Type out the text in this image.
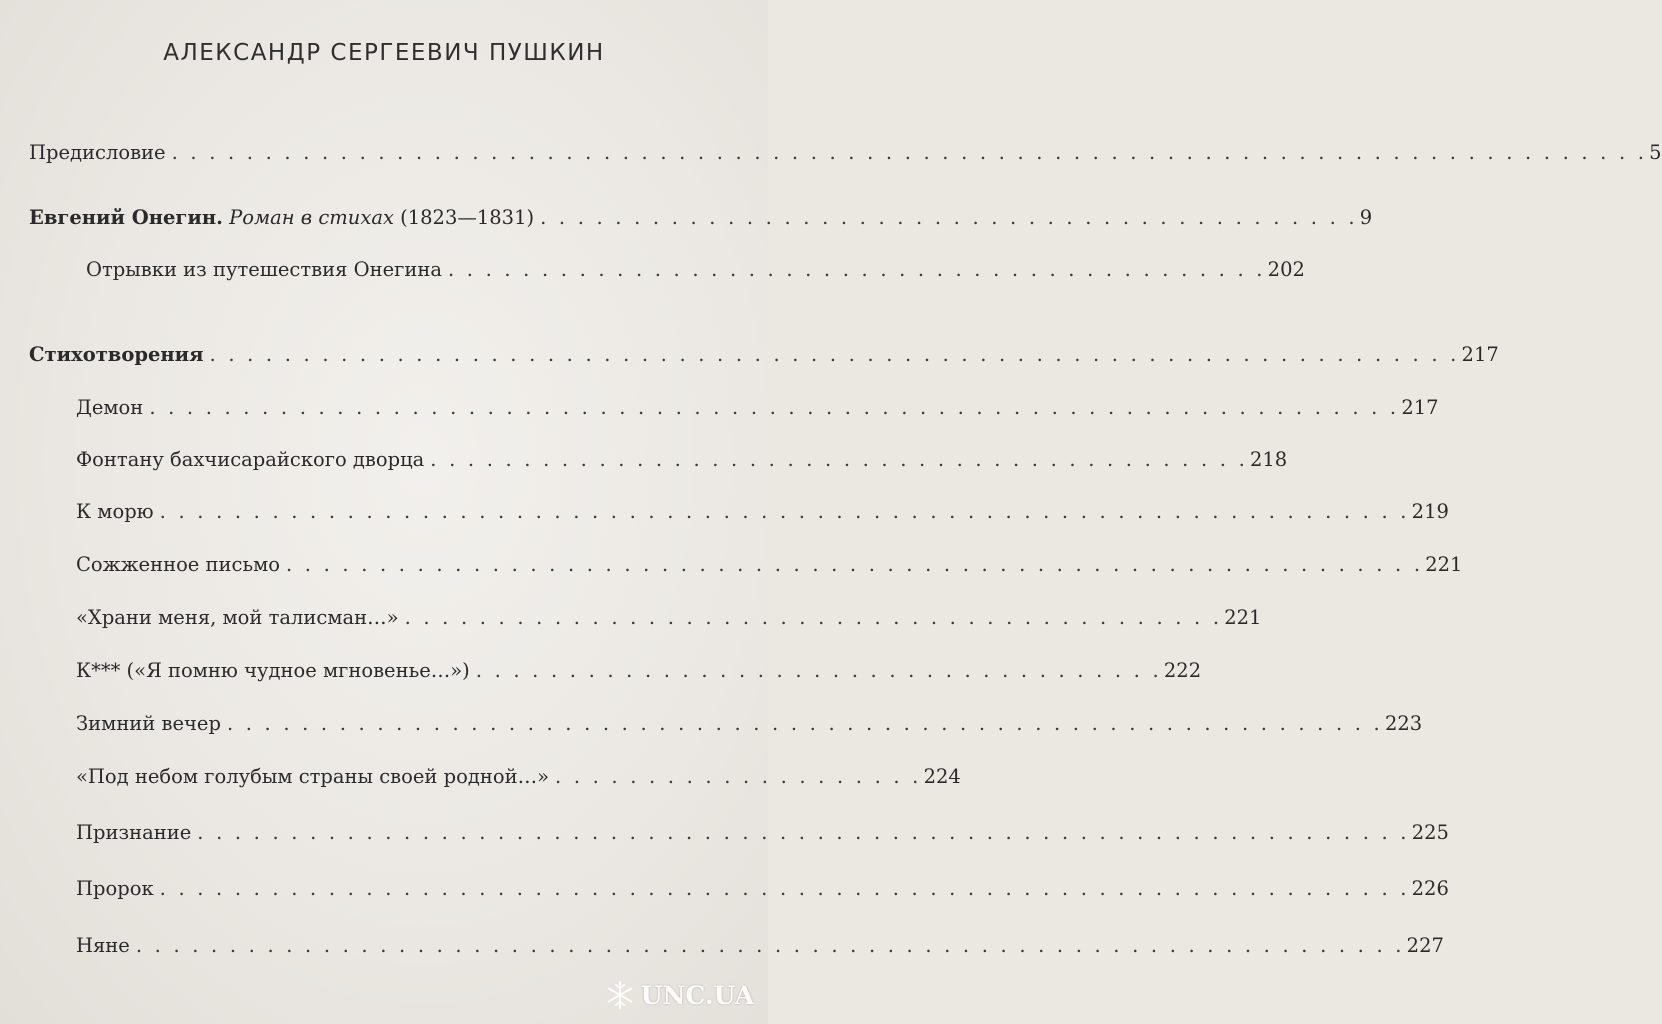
АЛЕКСАНДР СЕРГЕЕВИЧ ПУШКИН
Предисловие . . . . . . . . . . . . . . . . . . . . . . . . . . . . . . . . . . . . . . . . . . . . . . . . . . . . . . . . . . . . . . . . . . . . . . . . . . . . . . . 5
Евгений Онегин. Роман в стихах (1823—1831) . . . . . . . . . . . . . . . . . . . . . . . . . . . . . . . . . . . . . . . . . . . . 9
Отрывки из путешествия Онегина . . . . . . . . . . . . . . . . . . . . . . . . . . . . . . . . . . . . . . . . . . . . 202
Стихотворения . . . . . . . . . . . . . . . . . . . . . . . . . . . . . . . . . . . . . . . . . . . . . . . . . . . . . . . . . . . . . . . . . . . 217
Демон . . . . . . . . . . . . . . . . . . . . . . . . . . . . . . . . . . . . . . . . . . . . . . . . . . . . . . . . . . . . . . . . . . . 217
Фонтану бахчисарайского дворца . . . . . . . . . . . . . . . . . . . . . . . . . . . . . . . . . . . . . . . . . . . . 218
К морю . . . . . . . . . . . . . . . . . . . . . . . . . . . . . . . . . . . . . . . . . . . . . . . . . . . . . . . . . . . . . . . . . . . 219
Сожженное письмо . . . . . . . . . . . . . . . . . . . . . . . . . . . . . . . . . . . . . . . . . . . . . . . . . . . . . . . . . . . . . 221
«Храни меня, мой талисман…» . . . . . . . . . . . . . . . . . . . . . . . . . . . . . . . . . . . . . . . . . . . . 221
К*** («Я помню чудное мгновенье…») . . . . . . . . . . . . . . . . . . . . . . . . . . . . . . . . . . . . . 222
Зимний вечер . . . . . . . . . . . . . . . . . . . . . . . . . . . . . . . . . . . . . . . . . . . . . . . . . . . . . . . . . . . . . . 223
«Под небом голубым страны своей родной…» . . . . . . . . . . . . . . . . . . . . 224
Признание . . . . . . . . . . . . . . . . . . . . . . . . . . . . . . . . . . . . . . . . . . . . . . . . . . . . . . . . . . . . . . . . . 225
Пророк . . . . . . . . . . . . . . . . . . . . . . . . . . . . . . . . . . . . . . . . . . . . . . . . . . . . . . . . . . . . . . . . . . . 226
Няне . . . . . . . . . . . . . . . . . . . . . . . . . . . . . . . . . . . . . . . . . . . . . . . . . . . . . . . . . . . . . . . . . . . . 227
UNC.UA
